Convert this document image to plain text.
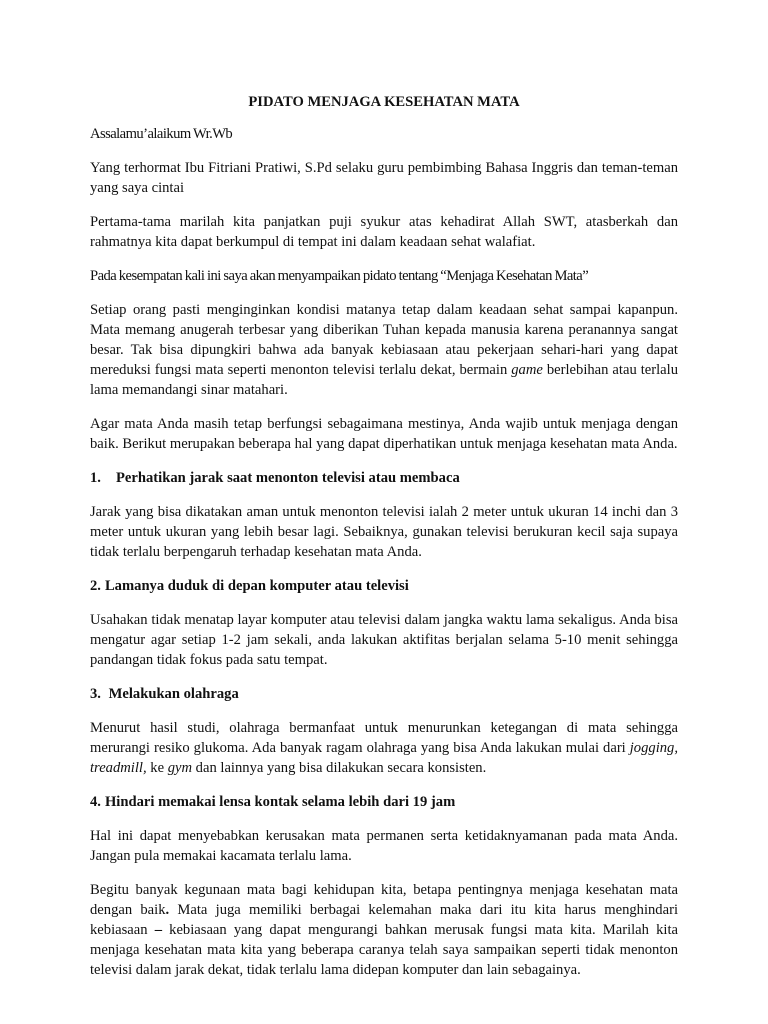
PIDATO MENJAGA KESEHATAN MATA

Assalamu’alaikum Wr.Wb

Yang terhormat Ibu Fitriani Pratiwi, S.Pd selaku guru pembimbing Bahasa Inggris dan teman-teman yang saya cintai

Pertama-tama marilah kita panjatkan puji syukur atas kehadirat Allah SWT, atasberkah dan rahmatnya kita dapat berkumpul di tempat ini dalam keadaan sehat walafiat.

Pada kesempatan kali ini saya akan menyampaikan pidato tentang “Menjaga Kesehatan Mata”

Setiap orang pasti menginginkan kondisi matanya tetap dalam keadaan sehat sampai kapanpun. Mata memang anugerah terbesar yang diberikan Tuhan kepada manusia karena peranannya sangat besar. Tak bisa dipungkiri bahwa ada banyak kebiasaan atau pekerjaan sehari-hari yang dapat mereduksi fungsi mata seperti menonton televisi terlalu dekat, bermain game berlebihan atau terlalu lama memandangi sinar matahari.

Agar mata Anda masih tetap berfungsi sebagaimana mestinya, Anda wajib untuk menjaga dengan baik. Berikut merupakan beberapa hal yang dapat diperhatikan untuk menjaga kesehatan mata Anda.

1. Perhatikan jarak saat menonton televisi atau membaca

Jarak yang bisa dikatakan aman untuk menonton televisi ialah 2 meter untuk ukuran 14 inchi dan 3 meter untuk ukuran yang lebih besar lagi. Sebaiknya, gunakan televisi berukuran kecil saja supaya tidak terlalu berpengaruh terhadap kesehatan mata Anda.

2. Lamanya duduk di depan komputer atau televisi

Usahakan tidak menatap layar komputer atau televisi dalam jangka waktu lama sekaligus. Anda bisa mengatur agar setiap 1-2 jam sekali, anda lakukan aktifitas berjalan selama 5-10 menit sehingga pandangan tidak fokus pada satu tempat.

3. Melakukan olahraga

Menurut hasil studi, olahraga bermanfaat untuk menurunkan ketegangan di mata sehingga merurangi resiko glukoma. Ada banyak ragam olahraga yang bisa Anda lakukan mulai dari jogging, treadmill, ke gym dan lainnya yang bisa dilakukan secara konsisten.

4. Hindari memakai lensa kontak selama lebih dari 19 jam

Hal ini dapat menyebabkan kerusakan mata permanen serta ketidaknyamanan pada mata Anda. Jangan pula memakai kacamata terlalu lama.

Begitu banyak kegunaan mata bagi kehidupan kita, betapa pentingnya menjaga kesehatan mata dengan baik. Mata juga memiliki berbagai kelemahan maka dari itu kita harus menghindari kebiasaan – kebiasaan yang dapat mengurangi bahkan merusak fungsi mata kita. Marilah kita menjaga kesehatan mata kita yang beberapa caranya telah saya sampaikan seperti tidak menonton televisi dalam jarak dekat, tidak terlalu lama didepan komputer dan lain sebagainya.
